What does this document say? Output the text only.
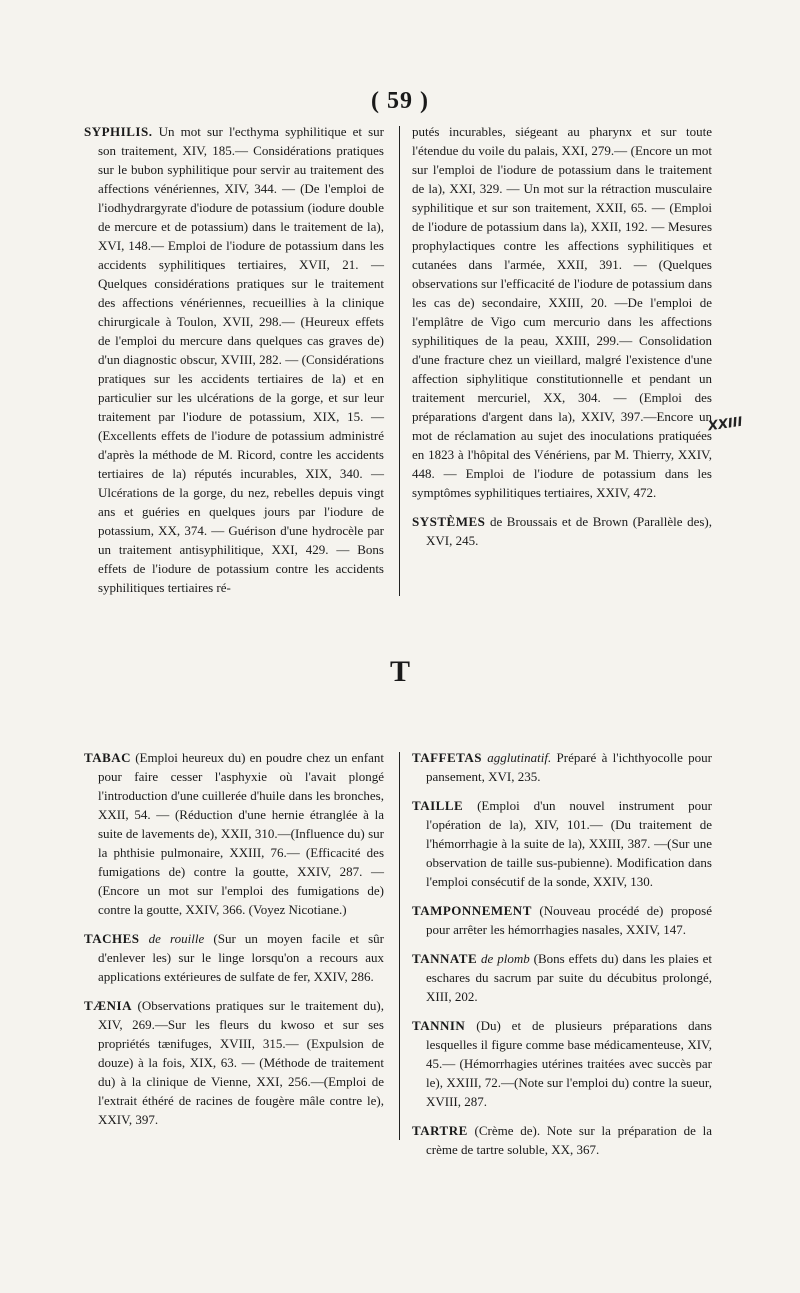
( 59 )

SYPHILIS. Un mot sur l'ecthyma syphilitique et sur son traitement, XIV, 185.— Considérations pratiques sur le bubon syphilitique pour servir au traitement des affections vénériennes, XIV, 344. — (De l'emploi de l'iodhydrargyrate d'iodure de potassium (iodure double de mercure et de potassium) dans le traitement de la), XVI, 148.— Emploi de l'iodure de potassium dans les accidents syphilitiques tertiaires, XVII, 21. — Quelques considérations pratiques sur le traitement des affections vénériennes, recueillies à la clinique chirurgicale à Toulon, XVII, 298.— (Heureux effets de l'emploi du mercure dans quelques cas graves de) d'un diagnostic obscur, XVIII, 282. — (Considérations pratiques sur les accidents tertiaires de la) et en particulier sur les ulcérations de la gorge, et sur leur traitement par l'iodure de potassium, XIX, 15. — (Excellents effets de l'iodure de potassium administré d'après la méthode de M. Ricord, contre les accidents tertiaires de la) réputés incurables, XIX, 340. — Ulcérations de la gorge, du nez, rebelles depuis vingt ans et guéries en quelques jours par l'iodure de potassium, XX, 374. — Guérison d'une hydrocèle par un traitement antisyphilitique, XXI, 429. — Bons effets de l'iodure de potassium contre les accidents syphilitiques tertiaires ré-

putés incurables, siégeant au pharynx et sur toute l'étendue du voile du palais, XXI, 279.— (Encore un mot sur l'emploi de l'iodure de potassium dans le traitement de la), XXI, 329. — Un mot sur la rétraction musculaire syphilitique et sur son traitement, XXII, 65. — (Emploi de l'iodure de potassium dans la), XXII, 192. — Mesures prophylactiques contre les affections syphilitiques et cutanées dans l'armée, XXII, 391. — (Quelques observations sur l'efficacité de l'iodure de potassium dans les cas de) secondaire, XXIII, 20. —De l'emploi de l'emplâtre de Vigo cum mercurio dans les affections syphilitiques de la peau, XXIII, 299.— Consolidation d'une fracture chez un vieillard, malgré l'existence d'une affection siphylitique constitutionnelle et pendant un traitement mercuriel, XX, 304. — (Emploi des préparations d'argent dans la), XXIV, 397.—Encore un mot de réclamation au sujet des inoculations pratiquées en 1823 à l'hôpital des Vénériens, par M. Thierry, XXIV, 448. — Emploi de l'iodure de potassium dans les symptômes syphilitiques tertiaires, XXIV, 472.

SYSTÈMES de Broussais et de Brown (Parallèle des), XVI, 245.

XXIII
T

TABAC (Emploi heureux du) en poudre chez un enfant pour faire cesser l'asphyxie où l'avait plongé l'introduction d'une cuillerée d'huile dans les bronches, XXII, 54. — (Réduction d'une hernie étranglée à la suite de lavements de), XXII, 310.—(Influence du) sur la phthisie pulmonaire, XXIII, 76.— (Efficacité des fumigations de) contre la goutte, XXIV, 287. —(Encore un mot sur l'emploi des fumigations de) contre la goutte, XXIV, 366. (Voyez Nicotiane.)

TACHES de rouille (Sur un moyen facile et sûr d'enlever les) sur le linge lorsqu'on a recours aux applications extérieures de sulfate de fer, XXIV, 286.

TÆNIA (Observations pratiques sur le traitement du), XIV, 269.—Sur les fleurs du kwoso et sur ses propriétés tænifuges, XVIII, 315.— (Expulsion de douze) à la fois, XIX, 63. — (Méthode de traitement du) à la clinique de Vienne, XXI, 256.—(Emploi de l'extrait éthéré de racines de fougère mâle contre le), XXIV, 397.

TAFFETAS agglutinatif. Préparé à l'ichthyocolle pour pansement, XVI, 235.

TAILLE (Emploi d'un nouvel instrument pour l'opération de la), XIV, 101.— (Du traitement de l'hémorrhagie à la suite de la), XXIII, 387. —(Sur une observation de taille sus-pubienne). Modification dans l'emploi consécutif de la sonde, XXIV, 130.

TAMPONNEMENT (Nouveau procédé de) proposé pour arrêter les hémorrhagies nasales, XXIV, 147.

TANNATE de plomb (Bons effets du) dans les plaies et eschares du sacrum par suite du décubitus prolongé, XIII, 202.

TANNIN (Du) et de plusieurs préparations dans lesquelles il figure comme base médicamenteuse, XIV, 45.— (Hémorrhagies utérines traitées avec succès par le), XXIII, 72.—(Note sur l'emploi du) contre la sueur, XVIII, 287.

TARTRE (Crème de). Note sur la préparation de la crème de tartre soluble, XX, 367.
